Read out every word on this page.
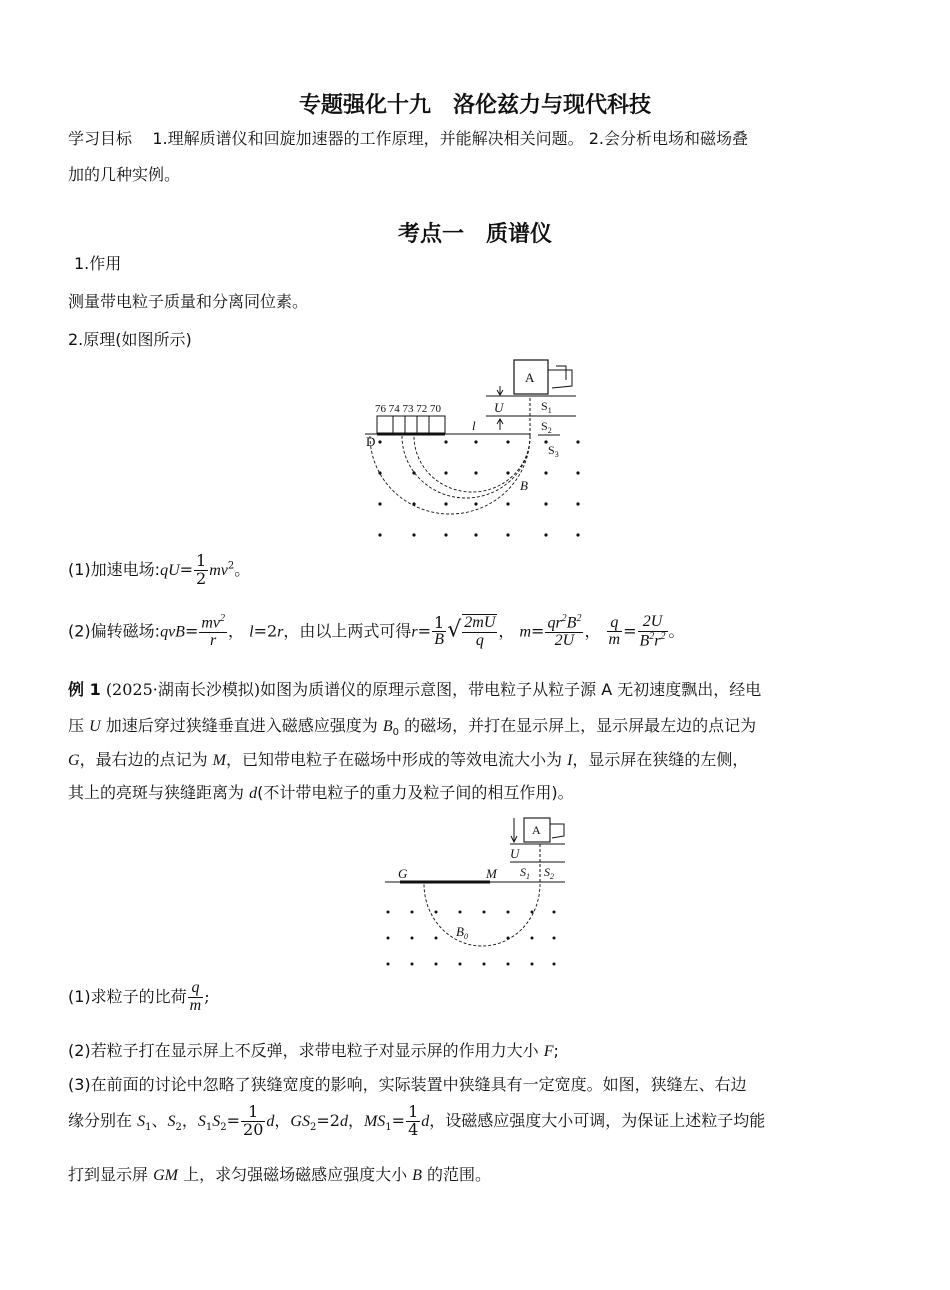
专题强化十九　洛伦兹力与现代科技
学习目标 1.理解质谱仪和回旋加速器的工作原理，并能解决相关问题。 2.会分析电场和磁场叠
加的几种实例。
考点一　质谱仪
1.作用
测量带电粒子质量和分离同位素。
2.原理(如图所示)
A
U	$S_1$
$S_2$
76 74 73 72 70
D
l
$S_3$
B
(1)加速电场:qU= $\frac{1}{2} mv^2$。
(2)偏转磁场:qvB= $\frac{mv^2}{r}$ ， l=2r，由以上两式可得$r= \frac{1}{B}$ √ $\frac{2mU}{q}$ ， $m= \frac{qr^2B^2}{2U}$ ， $\frac{q}{m} = \frac{2U}{B^2r^2}$ 。
例 1 (2025·湖南长沙模拟)如图为质谱仪的原理示意图，带电粒子从粒子源 A 无初速度飘出，经电
压 U 加速后穿过狭缝垂直进入磁感应强度为 $B_0$ 的磁场，并打在显示屏上，显示屏最左边的点记为
G，最右边的点记为 M，已知带电粒子在磁场中形成的等效电流大小为 I，显示屏在狭缝的左侧，
其上的亮斑与狭缝距离为 d(不计带电粒子的重力及粒子间的相互作用)。
A
U
$S_1$ $S_2$
G	M
$B_0$
(1)求粒子的比荷 $\frac{q}{m}$ ;
(2)若粒子打在显示屏上不反弹，求带电粒子对显示屏的作用力大小 F;
(3)在前面的讨论中忽略了狭缝宽度的影响，实际装置中狭缝具有一定宽度。如图，狭缝左、右边
缘分别在 $S_1$、$S_2$，$S_1S_2= \frac{1}{20}$ d，$GS_2=2d$，$MS_1= \frac{1}{4}$ d，设磁感应强度大小可调，为保证上述粒子均能
打到显示屏 GM 上，求匀强磁场磁感应强度大小 B 的范围。
